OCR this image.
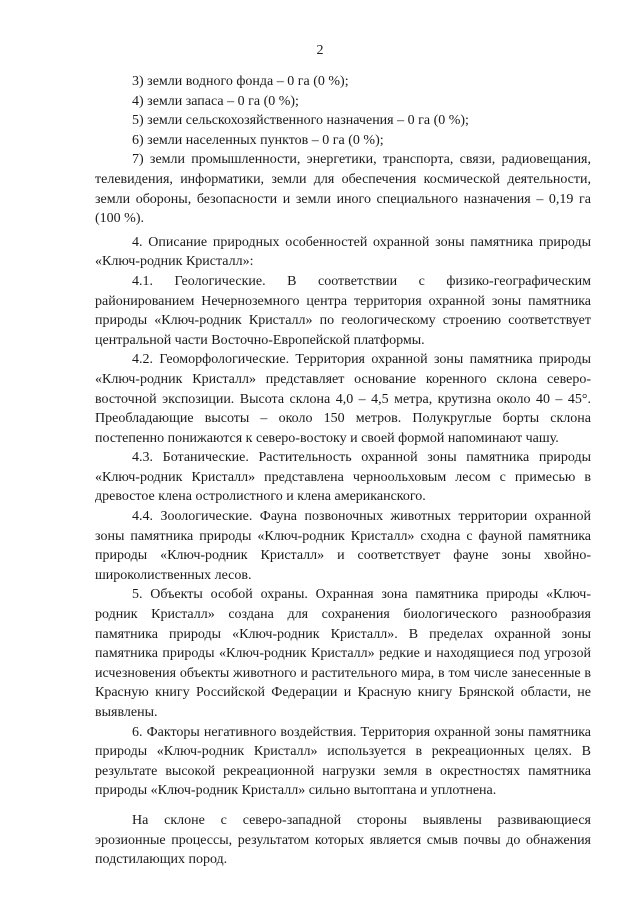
2

3) земли водного фонда – 0 га (0 %);

4) земли запаса – 0 га (0 %);

5) земли сельскохозяйственного назначения – 0 га (0 %);

6) земли населенных пунктов – 0 га (0 %);

7) земли промышленности, энергетики, транспорта, связи, радиовещания, телевидения, информатики, земли для обеспечения космической деятельности, земли обороны, безопасности и земли иного специального назначения – 0,19 га (100 %).

4. Описание природных особенностей охранной зоны памятника природы «Ключ-родник Кристалл»:

4.1. Геологические. В соответствии с физико-географическим районированием Нечерноземного центра территория охранной зоны памятника природы «Ключ-родник Кристалл» по геологическому строению соответствует центральной части Восточно-Европейской платформы.

4.2. Геоморфологические. Территория охранной зоны памятника природы «Ключ-родник Кристалл» представляет основание коренного склона северо-восточной экспозиции. Высота склона 4,0 – 4,5 метра, крутизна около 40 – 45°. Преобладающие высоты – около 150 метров. Полукруглые борты склона постепенно понижаются к северо-востоку и своей формой напоминают чашу.

4.3. Ботанические. Растительность охранной зоны памятника природы «Ключ-родник Кристалл» представлена черноольховым лесом с примесью в древостое клена остролистного и клена американского.

4.4. Зоологические. Фауна позвоночных животных территории охранной зоны памятника природы «Ключ-родник Кристалл» сходна с фауной памятника природы «Ключ-родник Кристалл» и соответствует фауне зоны хвойно-широколиственных лесов.

5. Объекты особой охраны. Охранная зона памятника природы «Ключ-родник Кристалл» создана для сохранения биологического разнообразия памятника природы «Ключ-родник Кристалл». В пределах охранной зоны памятника природы «Ключ-родник Кристалл» редкие и находящиеся под угрозой исчезновения объекты животного и растительного мира, в том числе занесенные в Красную книгу Российской Федерации и Красную книгу Брянской области, не выявлены.

6. Факторы негативного воздействия. Территория охранной зоны памятника природы «Ключ-родник Кристалл» используется в рекреационных целях. В результате высокой рекреационной нагрузки земля в окрестностях памятника природы «Ключ-родник Кристалл» сильно вытоптана и уплотнена.

На склоне с северо-западной стороны выявлены развивающиеся эрозионные процессы, результатом которых является смыв почвы до обнажения подстилающих пород.
